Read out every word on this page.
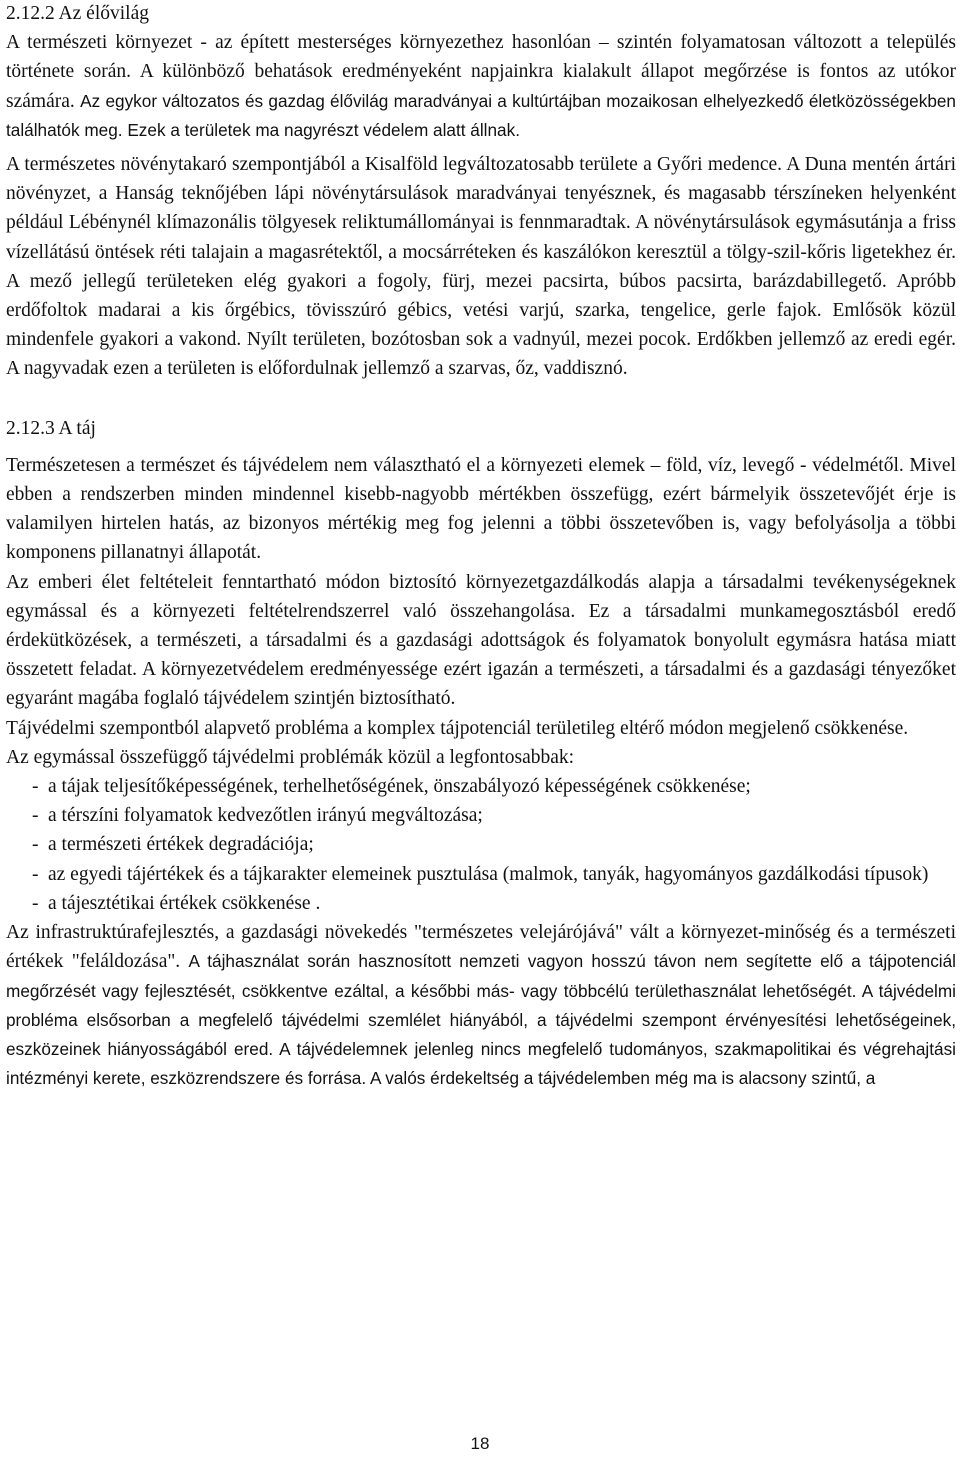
2.12.2 Az élővilág

A természeti környezet - az épített mesterséges környezethez hasonlóan – szintén folyamatosan változott a település története során. A különböző behatások eredményeként napjainkra kialakult állapot megőrzése is fontos az utókor számára. Az egykor változatos és gazdag élővilág maradványai a kultúrtájban mozaikosan elhelyezkedő életközösségekben találhatók meg. Ezek a területek ma nagyrészt védelem alatt állnak.

A természetes növénytakaró szempontjából a Kisalföld legváltozatosabb területe a Győri medence. A Duna mentén ártári növényzet, a Hanság teknőjében lápi növénytársulások maradványai tenyésznek, és magasabb térszíneken helyenként például Lébénynél klímazonális tölgyesek reliktumállományai is fennmaradtak. A növénytársulások egymásutánja a friss vízellátású öntések réti talajain a magasrétektől, a mocsárréteken és kaszálókon keresztül a tölgy-szil-kőris ligetekhez ér. A mező jellegű területeken elég gyakori a fogoly, fürj, mezei pacsirta, búbos pacsirta, barázdabillegető. Apróbb erdőfoltok madarai a kis őrgébics, tövisszúró gébics, vetési varjú, szarka, tengelice, gerle fajok. Emlősök közül mindenfele gyakori a vakond. Nyílt területen, bozótosban sok a vadnyúl, mezei pocok. Erdőkben jellemző az eredi egér. A nagyvadak ezen a területen is előfordulnak jellemző a szarvas, őz, vaddisznó.

2.12.3 A táj

Természetesen a természet és tájvédelem nem választható el a környezeti elemek – föld, víz, levegő - védelmétől. Mivel ebben a rendszerben minden mindennel kisebb-nagyobb mértékben összefügg, ezért bármelyik összetevőjét érje is valamilyen hirtelen hatás, az bizonyos mértékig meg fog jelenni a többi összetevőben is, vagy befolyásolja a többi komponens pillanatnyi állapotát.

Az emberi élet feltételeit fenntartható módon biztosító környezetgazdálkodás alapja a társadalmi tevékenységeknek egymással és a környezeti feltételrendszerrel való összehangolása. Ez a társadalmi munkamegosztásból eredő érdekütközések, a természeti, a társadalmi és a gazdasági adottságok és folyamatok bonyolult egymásra hatása miatt összetett feladat. A környezetvédelem eredményessége ezért igazán a természeti, a társadalmi és a gazdasági tényezőket egyaránt magába foglaló tájvédelem szintjén biztosítható.

Tájvédelmi szempontból alapvető probléma a komplex tájpotenciál területileg eltérő módon megjelenő csökkenése.

Az egymással összefüggő tájvédelmi problémák közül a legfontosabbak:

- a tájak teljesítőképességének, terhelhetőségének, önszabályozó képességének csökkenése;
- a térszíni folyamatok kedvezőtlen irányú megváltozása;
- a természeti értékek degradációja;
- az egyedi tájértékek és a tájkarakter elemeinek pusztulása (malmok, tanyák, hagyományos gazdálkodási típusok)
- a tájesztétikai értékek csökkenése .

Az infrastruktúrafejlesztés, a gazdasági növekedés "természetes velejárójává" vált a környezet-minőség és a természeti értékek "feláldozása". A tájhasználat során hasznosított nemzeti vagyon hosszú távon nem segítette elő a tájpotenciál megőrzését vagy fejlesztését, csökkentve ezáltal, a későbbi más- vagy többcélú területhasználat lehetőségét. A tájvédelmi probléma elsősorban a megfelelő tájvédelmi szemlélet hiányából, a tájvédelmi szempont érvényesítési lehetőségeinek, eszközeinek hiányosságából ered. A tájvédelemnek jelenleg nincs megfelelő tudományos, szakmapolitikai és végrehajtási intézményi kerete, eszközrendszere és forrása. A valós érdekeltség a tájvédelemben még ma is alacsony szintű, a

18
